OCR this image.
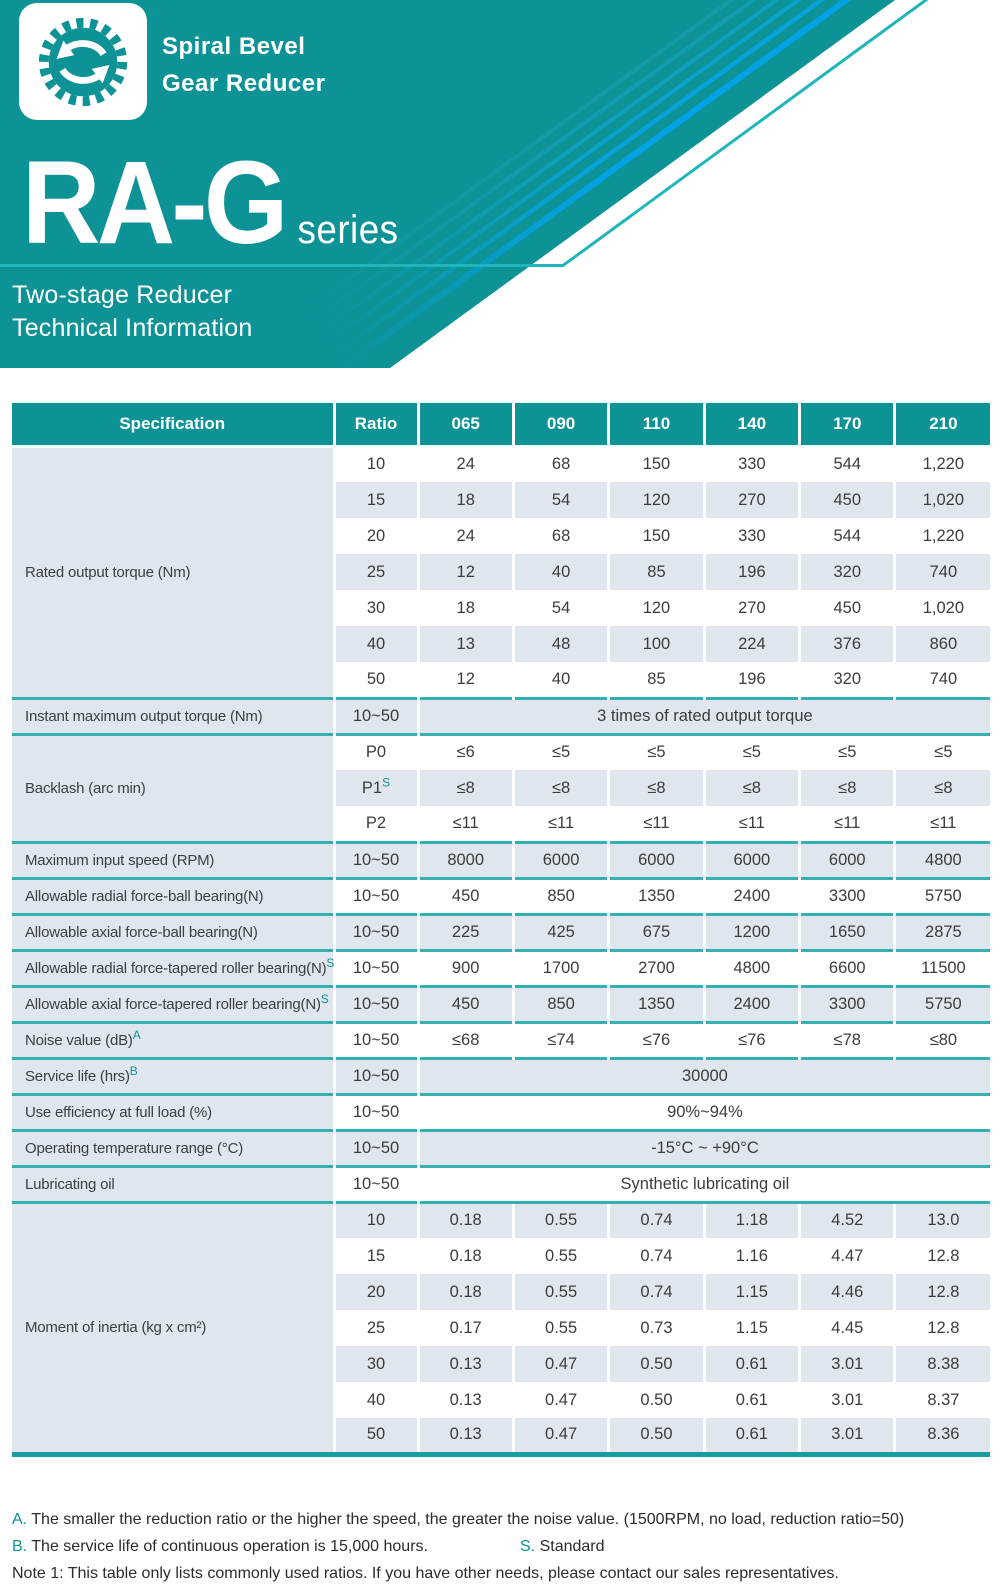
Spiral Bevel
Gear Reducer
RA-G series
Two-stage Reducer
Technical Information
Specification	Ratio	065	090	110	140	170	210
Rated output torque (Nm)	10	24	68	150	330	544	1,220
	15	18	54	120	270	450	1,020
	20	24	68	150	330	544	1,220
	25	12	40	85	196	320	740
	30	18	54	120	270	450	1,020
	40	13	48	100	224	376	860
	50	12	40	85	196	320	740
Instant maximum output torque (Nm)	10~50	3 times of rated output torque					
Backlash (arc min)	P0	≤6	≤5	≤5	≤5	≤5	≤5
	$P1^S$	≤8	≤8	≤8	≤8	≤8	≤8
	P2	≤11	≤11	≤11	≤11	≤11	≤11
Maximum input speed (RPM)	10~50	8000	6000	6000	6000	6000	4800
Allowable radial force-ball bearing(N)	10~50	450	850	1350	2400	3300	5750
Allowable axial force-ball bearing(N)	10~50	225	425	675	1200	1650	2875
Allowable radial force-tapered roller $bearing(N)^S$	10~50	900	1700	2700	4800	6600	11500
Allowable axial force-tapered roller $bearing(N)^S$	10~50	450	850	1350	2400	3300	5750
Noise value (dB)$^A$	10~50	≤68	≤74	≤76	≤76	≤78	≤80
Service life (hrs)$^B$	10~50	30000					
Use efficiency at full load (%)	10~50	90%~94%					
Operating temperature range (°C)	10~50	-15°C ~ +90°C					
Lubricating oil	10~50	Synthetic lubricating oil					
Moment of inertia (kg x cm²)	10	0.18	0.55	0.74	1.18	4.52	13.0
	15	0.18	0.55	0.74	1.16	4.47	12.8
	20	0.18	0.55	0.74	1.15	4.46	12.8
	25	0.17	0.55	0.73	1.15	4.45	12.8
	30	0.13	0.47	0.50	0.61	3.01	8.38
	40	0.13	0.47	0.50	0.61	3.01	8.37
	50	0.13	0.47	0.50	0.61	3.01	8.36
A. The smaller the reduction ratio or the higher the speed, the greater the noise value. (1500RPM, no load, reduction ratio=50)
B. The service life of continuous operation is 15,000 hours.	S. Standard
Note 1: This table only lists commonly used ratios. If you have other needs, please contact our sales representatives.
